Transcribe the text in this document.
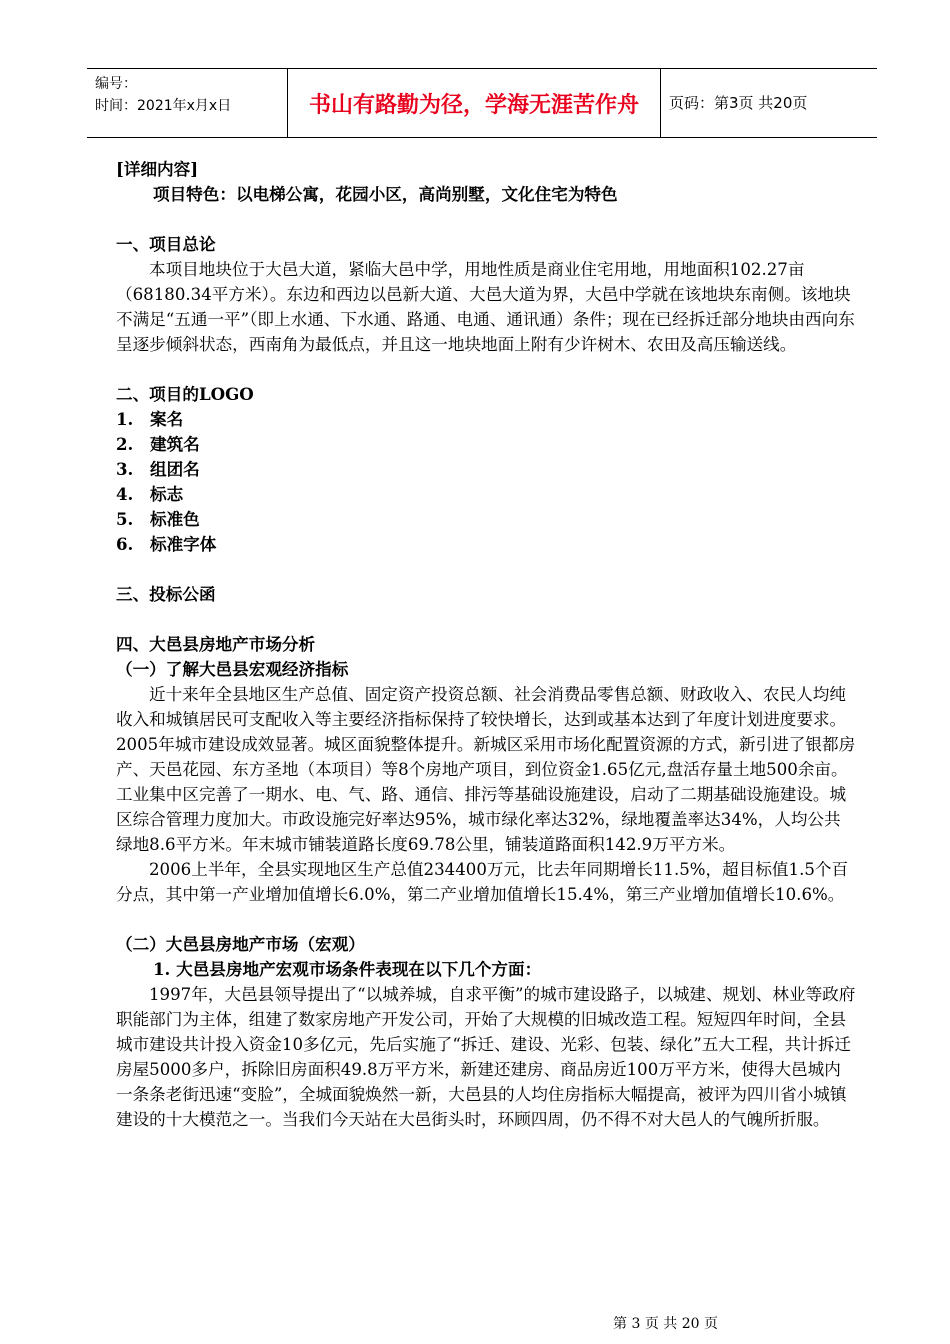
编号：
时间：2021年x月x日	书山有路勤为径，学海无涯苦作舟	页码：第3页 共20页

[详细内容]

项目特色：以电梯公寓，花园小区，高尚别墅，文化住宅为特色

一、项目总论

本项目地块位于大邑大道，紧临大邑中学，用地性质是商业住宅用地，用地面积102.27亩（68180.34平方米）。东边和西边以邑新大道、大邑大道为界，大邑中学就在该地块东南侧。该地块不满足“五通一平”（即上水通、下水通、路通、电通、通讯通）条件；现在已经拆迁部分地块由西向东呈逐步倾斜状态，西南角为最低点，并且这一地块地面上附有少许树木、农田及高压输送线。

二、项目的LOGO

1. 案名

2. 建筑名

3. 组团名

4. 标志

5. 标准色

6. 标准字体

三、投标公函

四、大邑县房地产市场分析

（一）了解大邑县宏观经济指标

近十来年全县地区生产总值、固定资产投资总额、社会消费品零售总额、财政收入、农民人均纯收入和城镇居民可支配收入等主要经济指标保持了较快增长，达到或基本达到了年度计划进度要求。2005年城市建设成效显著。城区面貌整体提升。新城区采用市场化配置资源的方式，新引进了银都房产、天邑花园、东方圣地（本项目）等8个房地产项目，到位资金1.65亿元,盘活存量土地500余亩。工业集中区完善了一期水、电、气、路、通信、排污等基础设施建设，启动了二期基础设施建设。城区综合管理力度加大。市政设施完好率达95%，城市绿化率达32%，绿地覆盖率达34%，人均公共绿地8.6平方米。年末城市铺装道路长度69.78公里，铺装道路面积142.9万平方米。

2006上半年，全县实现地区生产总值234400万元，比去年同期增长11.5%，超目标值1.5个百分点，其中第一产业增加值增长6.0%，第二产业增加值增长15.4%，第三产业增加值增长10.6%。

（二）大邑县房地产市场（宏观）

1. 大邑县房地产宏观市场条件表现在以下几个方面：

1997年，大邑县领导提出了“以城养城，自求平衡”的城市建设路子，以城建、规划、林业等政府职能部门为主体，组建了数家房地产开发公司，开始了大规模的旧城改造工程。短短四年时间，全县城市建设共计投入资金10多亿元，先后实施了“拆迁、建设、光彩、包装、绿化”五大工程，共计拆迁房屋5000多户，拆除旧房面积49.8万平方米，新建还建房、商品房近100万平方米，使得大邑城内一条条老街迅速“变脸”，全城面貌焕然一新，大邑县的人均住房指标大幅提高，被评为四川省小城镇建设的十大模范之一。当我们今天站在大邑街头时，环顾四周，仍不得不对大邑人的气魄所折服。

第 3 页 共 20 页
